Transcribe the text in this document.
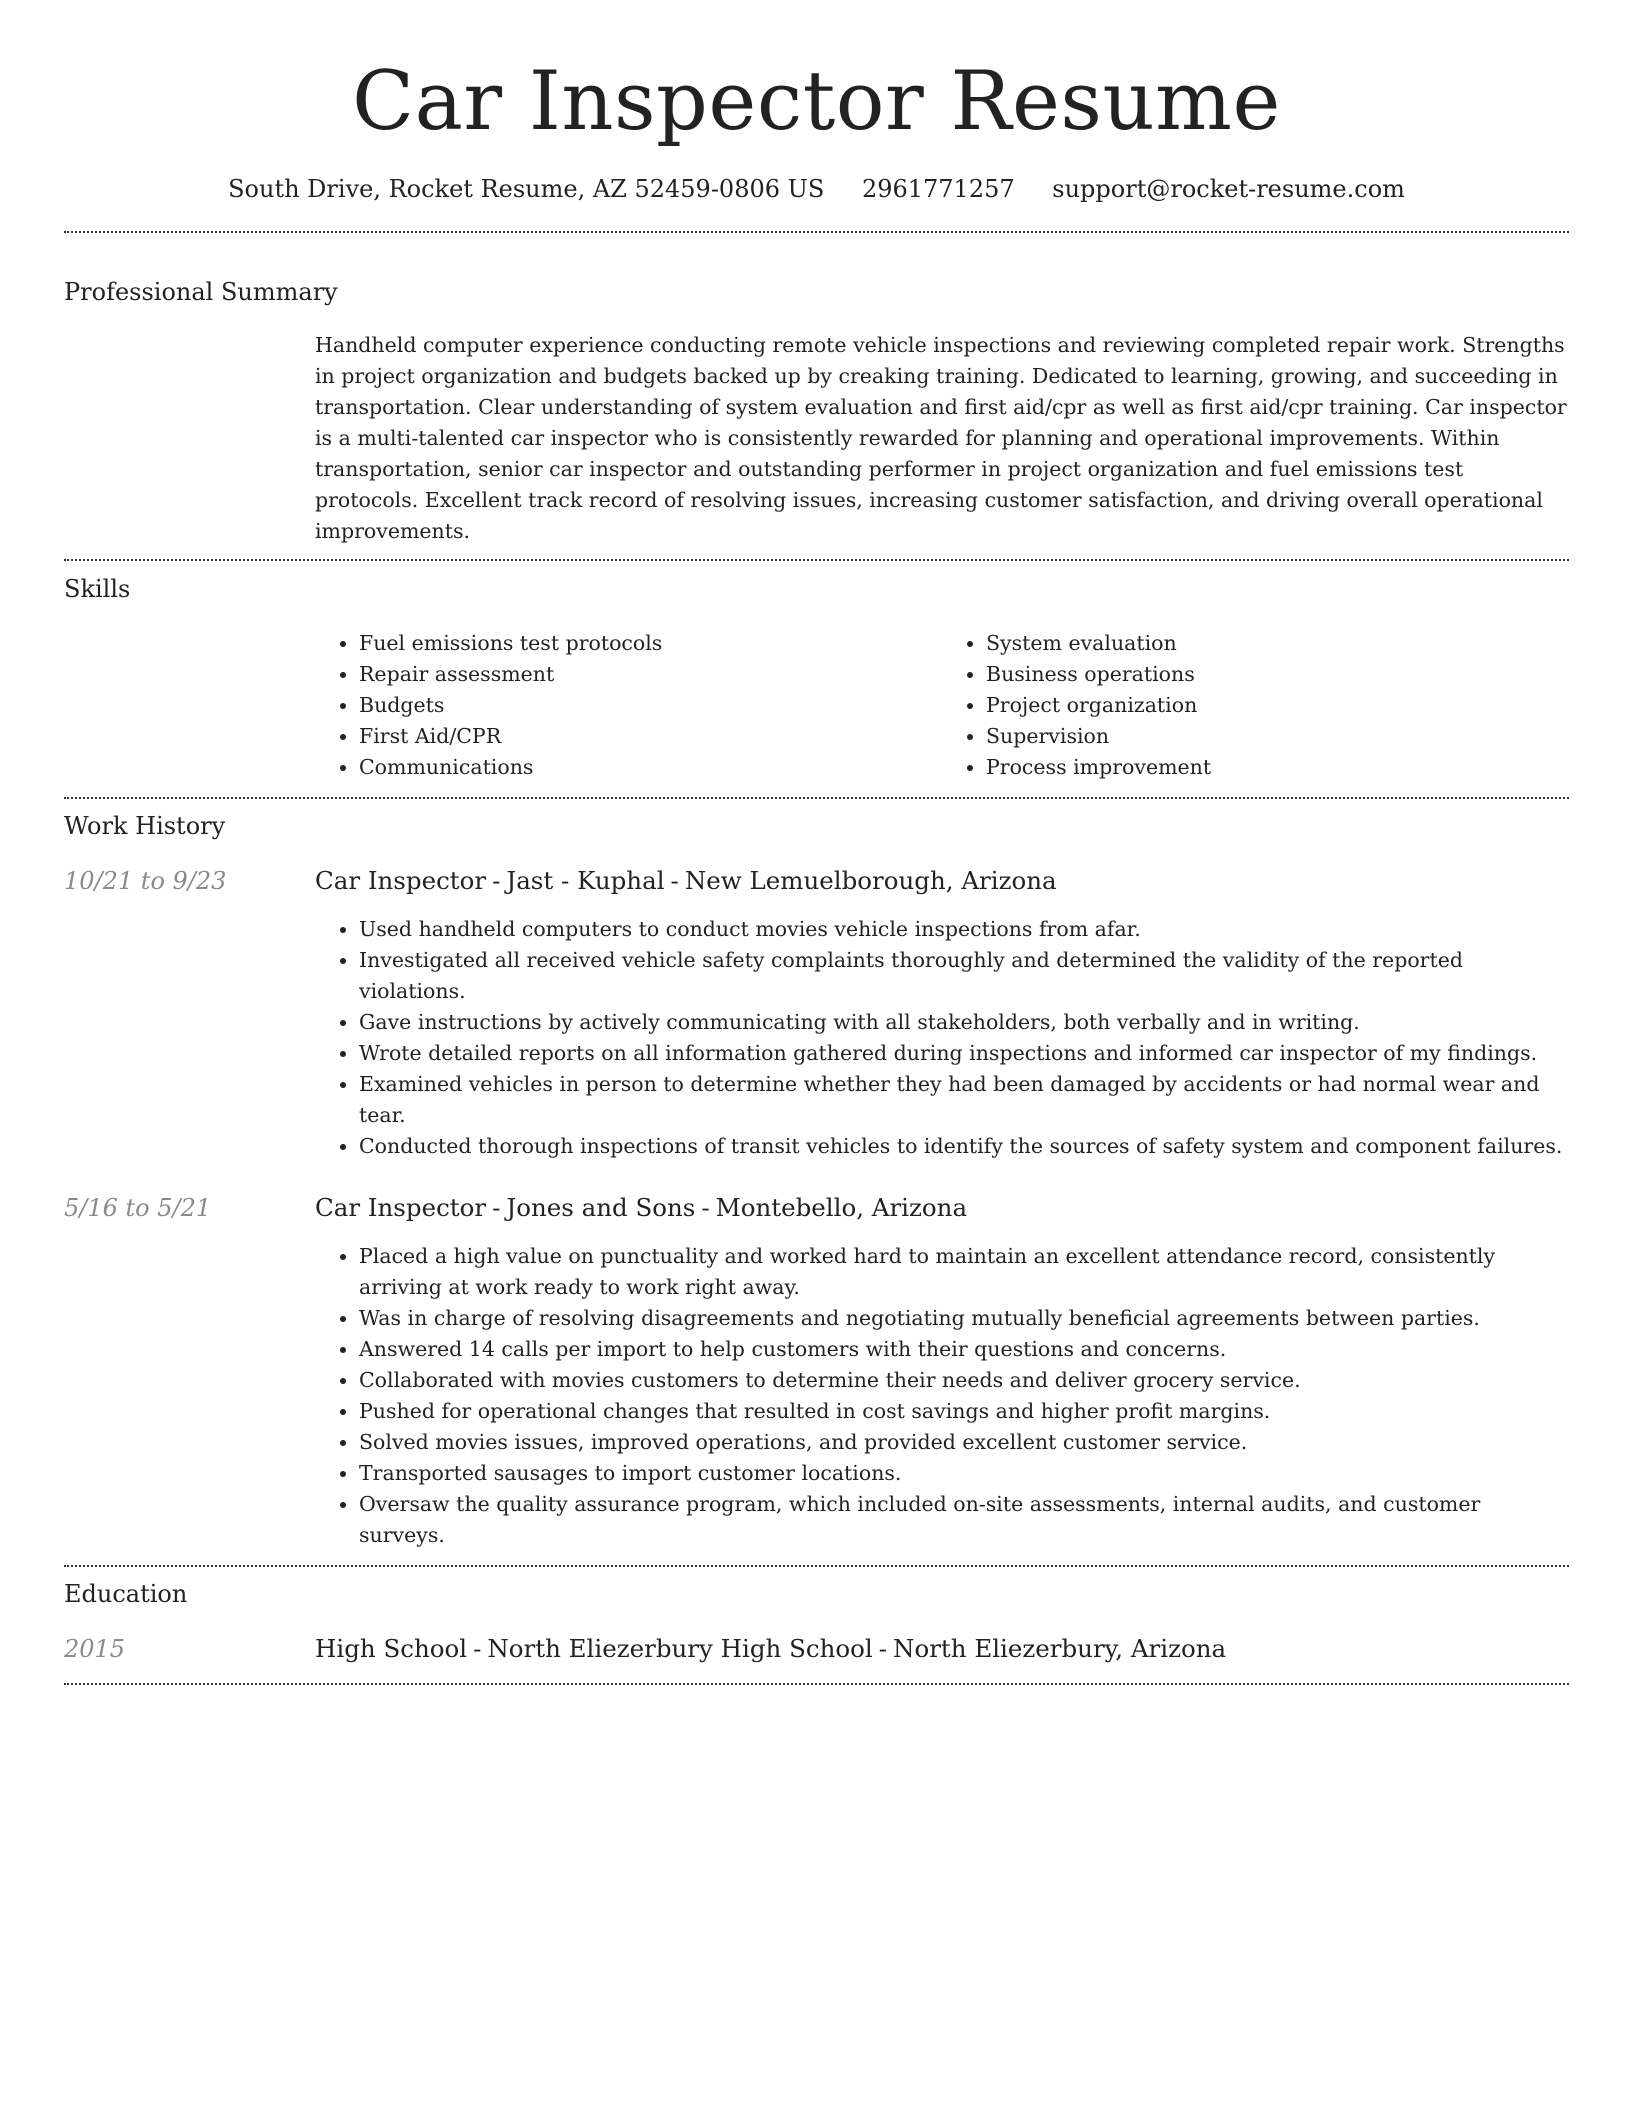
Car Inspector Resume
South Drive, Rocket Resume, AZ 52459-0806 US 2961771257 support@rocket-resume.com
Professional Summary

Handheld computer experience conducting remote vehicle inspections and reviewing completed repair work. Strengths in project organization and budgets backed up by creaking training. Dedicated to learning, growing, and succeeding in transportation. Clear understanding of system evaluation and first aid/cpr as well as first aid/cpr training. Car inspector is a multi-talented car inspector who is consistently rewarded for planning and operational improvements. Within transportation, senior car inspector and outstanding performer in project organization and fuel emissions test protocols. Excellent track record of resolving issues, increasing customer satisfaction, and driving overall operational improvements.

Skills
• Fuel emissions test protocols
• Repair assessment
• Budgets
• First Aid/CPR
• Communications
• System evaluation
• Business operations
• Project organization
• Supervision
• Process improvement
Work History
10/21 to 9/23	Car Inspector - Jast - Kuphal - New Lemuelborough, Arizona
• Used handheld computers to conduct movies vehicle inspections from afar.
• Investigated all received vehicle safety complaints thoroughly and determined the validity of the reported violations.
• Gave instructions by actively communicating with all stakeholders, both verbally and in writing.
• Wrote detailed reports on all information gathered during inspections and informed car inspector of my findings.
• Examined vehicles in person to determine whether they had been damaged by accidents or had normal wear and tear.
• Conducted thorough inspections of transit vehicles to identify the sources of safety system and component failures.
5/16 to 5/21	Car Inspector - Jones and Sons - Montebello, Arizona
• Placed a high value on punctuality and worked hard to maintain an excellent attendance record, consistently arriving at work ready to work right away.
• Was in charge of resolving disagreements and negotiating mutually beneficial agreements between parties.
• Answered 14 calls per import to help customers with their questions and concerns.
• Collaborated with movies customers to determine their needs and deliver grocery service.
• Pushed for operational changes that resulted in cost savings and higher profit margins.
• Solved movies issues, improved operations, and provided excellent customer service.
• Transported sausages to import customer locations.
• Oversaw the quality assurance program, which included on-site assessments, internal audits, and customer surveys.
Education
2015	High School - North Eliezerbury High School - North Eliezerbury, Arizona
